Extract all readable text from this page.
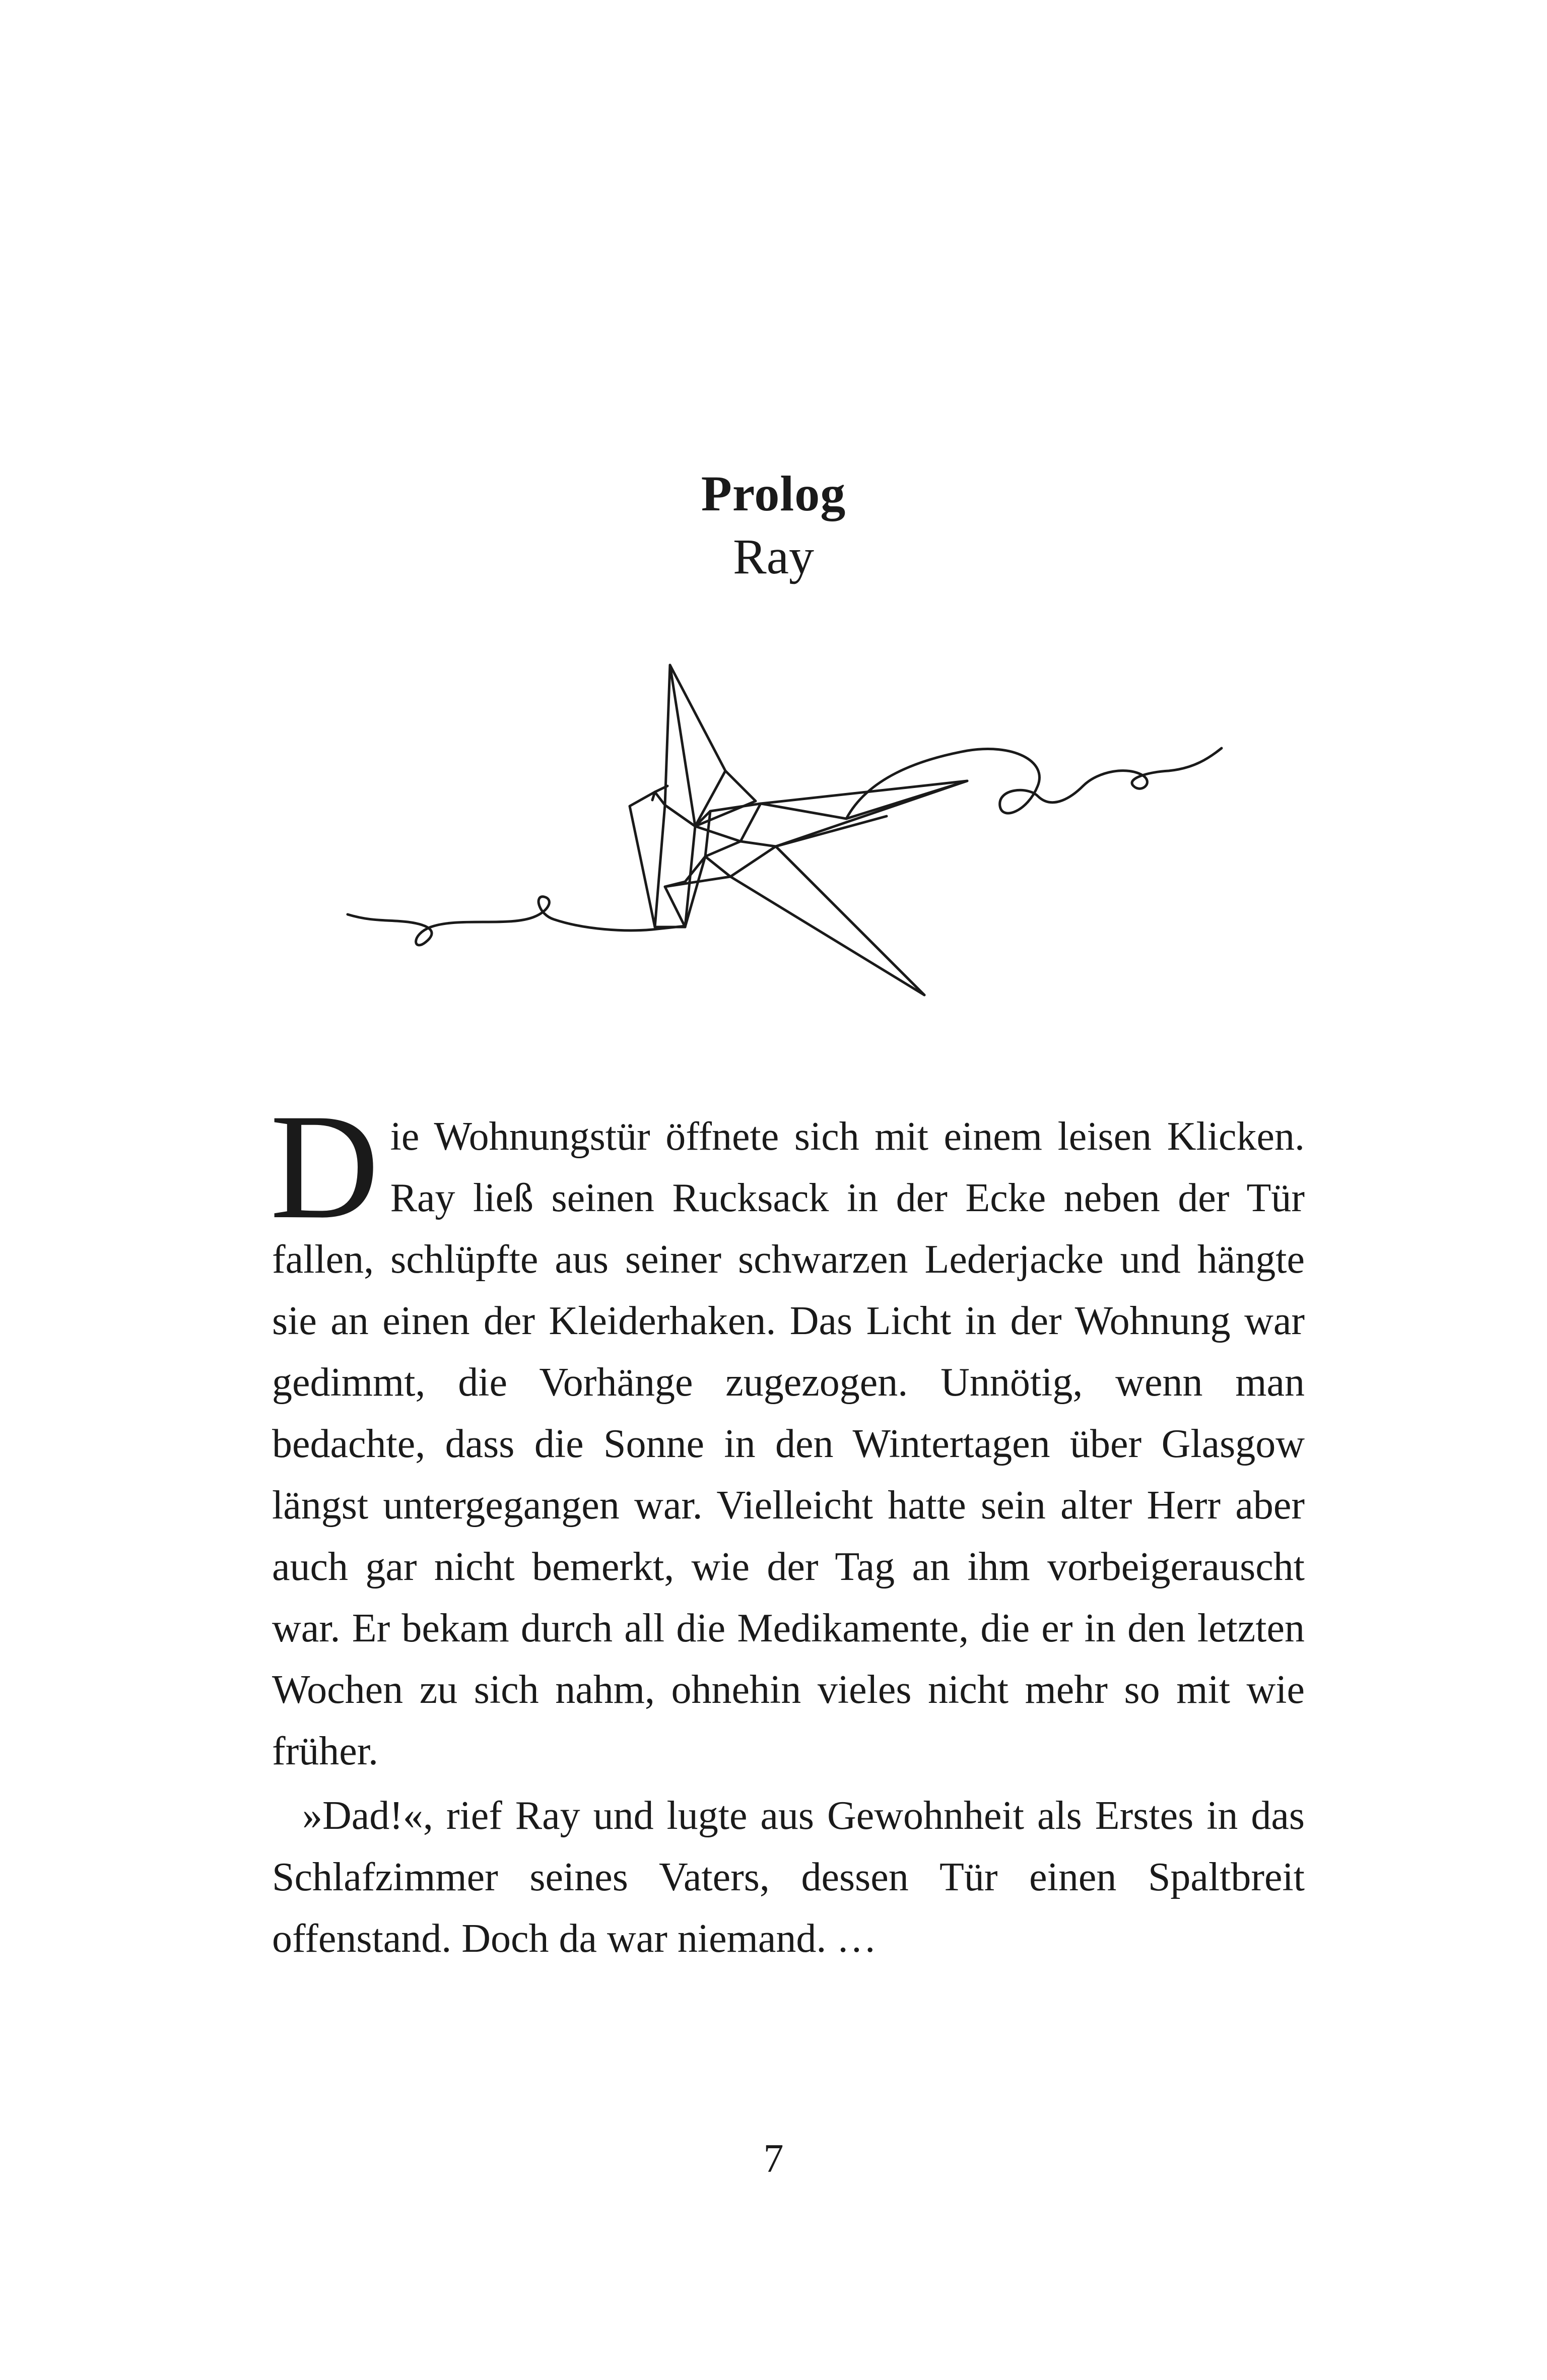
Prolog
Ray

Die Wohnungstür öffnete sich mit einem leisen Klicken. Ray ließ seinen Rucksack in der Ecke neben der Tür fallen, schlüpfte aus seiner schwarzen Lederjacke und hängte sie an einen der Kleiderhaken. Das Licht in der Wohnung war gedimmt, die Vorhänge zugezogen. Unnötig, wenn man bedachte, dass die Sonne in den Wintertagen über Glasgow längst untergegangen war. Vielleicht hatte sein alter Herr aber auch gar nicht bemerkt, wie der Tag an ihm vorbeigerauscht war. Er bekam durch all die Medikamente, die er in den letzten Wochen zu sich nahm, ohnehin vieles nicht mehr so mit wie früher.

»Dad!«, rief Ray und lugte aus Gewohnheit als Erstes in das Schlafzimmer seines Vaters, dessen Tür einen Spaltbreit offenstand. Doch da war niemand. …

7
